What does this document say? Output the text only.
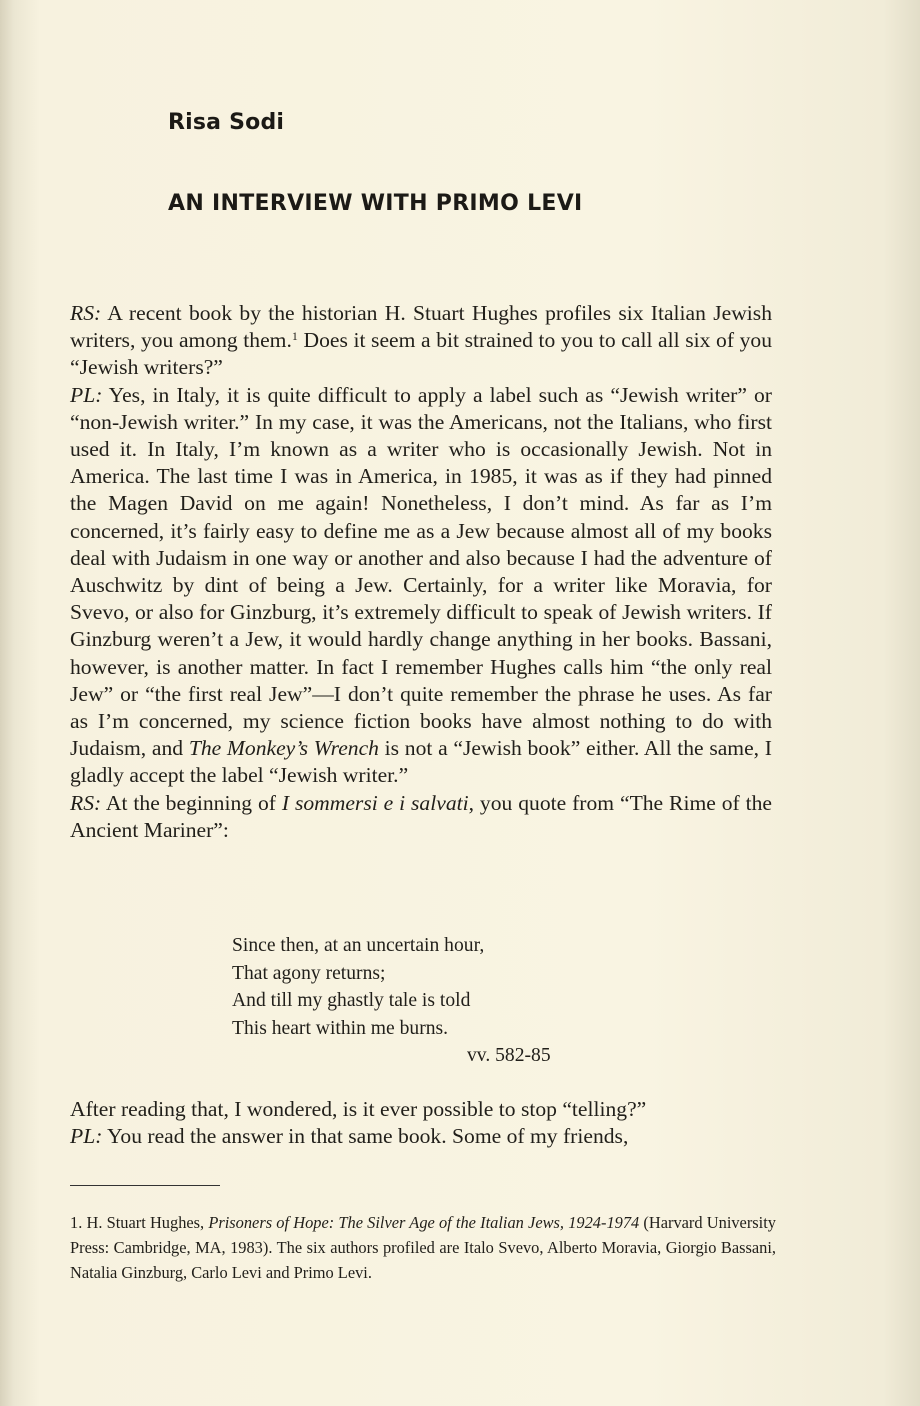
Risa Sodi
AN INTERVIEW WITH PRIMO LEVI

RS: A recent book by the historian H. Stuart Hughes profiles six Italian Jewish writers, you among them.$^1$ Does it seem a bit strained to you to call all six of you “Jewish writers?”

PL: Yes, in Italy, it is quite difficult to apply a label such as “Jewish writer” or “non-Jewish writer.” In my case, it was the Americans, not the Italians, who first used it. In Italy, I’m known as a writer who is occasionally Jewish. Not in America. The last time I was in America, in 1985, it was as if they had pinned the Magen David on me again! Nonetheless, I don’t mind. As far as I’m concerned, it’s fairly easy to define me as a Jew because almost all of my books deal with Judaism in one way or another and also because I had the adventure of Auschwitz by dint of being a Jew. Certainly, for a writer like Moravia, for Svevo, or also for Ginzburg, it’s extremely difficult to speak of Jewish writers. If Ginzburg weren’t a Jew, it would hardly change anything in her books. Bassani, however, is another matter. In fact I remember Hughes calls him “the only real Jew” or “the first real Jew”—I don’t quite remember the phrase he uses. As far as I’m concerned, my science fiction books have almost nothing to do with Judaism, and The Monkey’s Wrench is not a “Jewish book” either. All the same, I gladly accept the label “Jewish writer.”

RS: At the beginning of I sommersi e i salvati, you quote from “The Rime of the Ancient Mariner”:

Since then, at an uncertain hour,
That agony returns;
And till my ghastly tale is told
This heart within me burns.
vv. 582-85

After reading that, I wondered, is it ever possible to stop “telling?”

PL: You read the answer in that same book. Some of my friends,

1. H. Stuart Hughes, Prisoners of Hope: The Silver Age of the Italian Jews, 1924-1974 (Harvard University Press: Cambridge, MA, 1983). The six authors profiled are Italo Svevo, Alberto Moravia, Giorgio Bassani, Natalia Ginzburg, Carlo Levi and Primo Levi.
